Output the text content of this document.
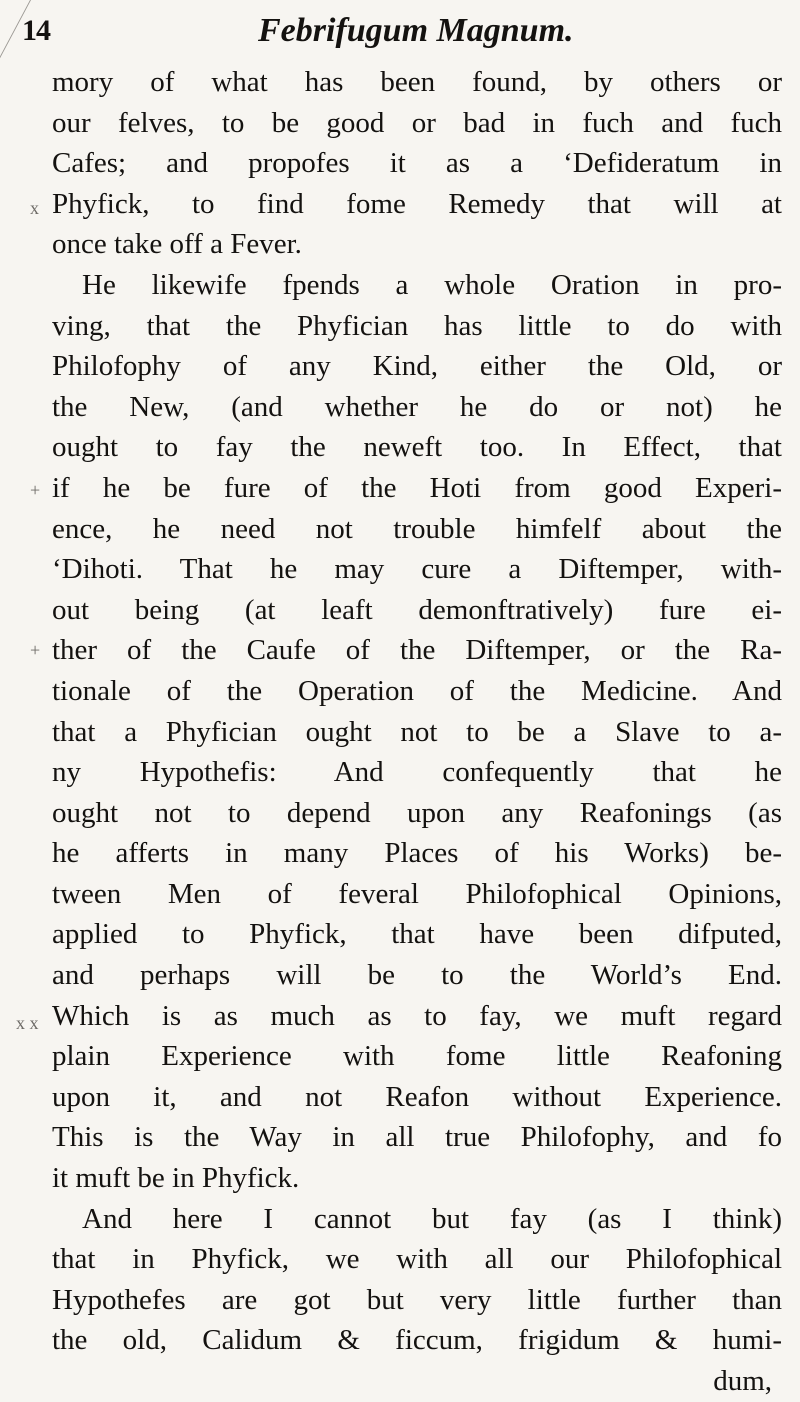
14	Febrifugum Magnum.
x
+
+
x x
mory of what has been found, by others or
our felves, to be good or bad in fuch and fuch
Cafes; and propofes it as a ‘Defideratum in
Phyfick, to find fome Remedy that will at
once take off a Fever.
He likewife fpends a whole Oration in pro-
ving, that the Phyfician has little to do with
Philofophy of any Kind, either the Old, or
the New, (and whether he do or not) he
ought to fay the neweft too. In Effect, that
if he be fure of the Hoti from good Experi-
ence, he need not trouble himfelf about the
‘Dihoti. That he may cure a Diftemper, with-
out being (at leaft demonftratively) fure ei-
ther of the Caufe of the Diftemper, or the Ra-
tionale of the Operation of the Medicine. And
that a Phyfician ought not to be a Slave to a-
ny Hypothefis: And confequently that he
ought not to depend upon any Reafonings (as
he afferts in many Places of his Works) be-
tween Men of feveral Philofophical Opinions,
applied to Phyfick, that have been difputed,
and perhaps will be to the World’s End.
Which is as much as to fay, we muft regard
plain Experience with fome little Reafoning
upon it, and not Reafon without Experience.
This is the Way in all true Philofophy, and fo
it muft be in Phyfick.
And here I cannot but fay (as I think)
that in Phyfick, we with all our Philofophical
Hypothefes are got but very little further than
the old, Calidum & ficcum, frigidum & humi-
dum,
